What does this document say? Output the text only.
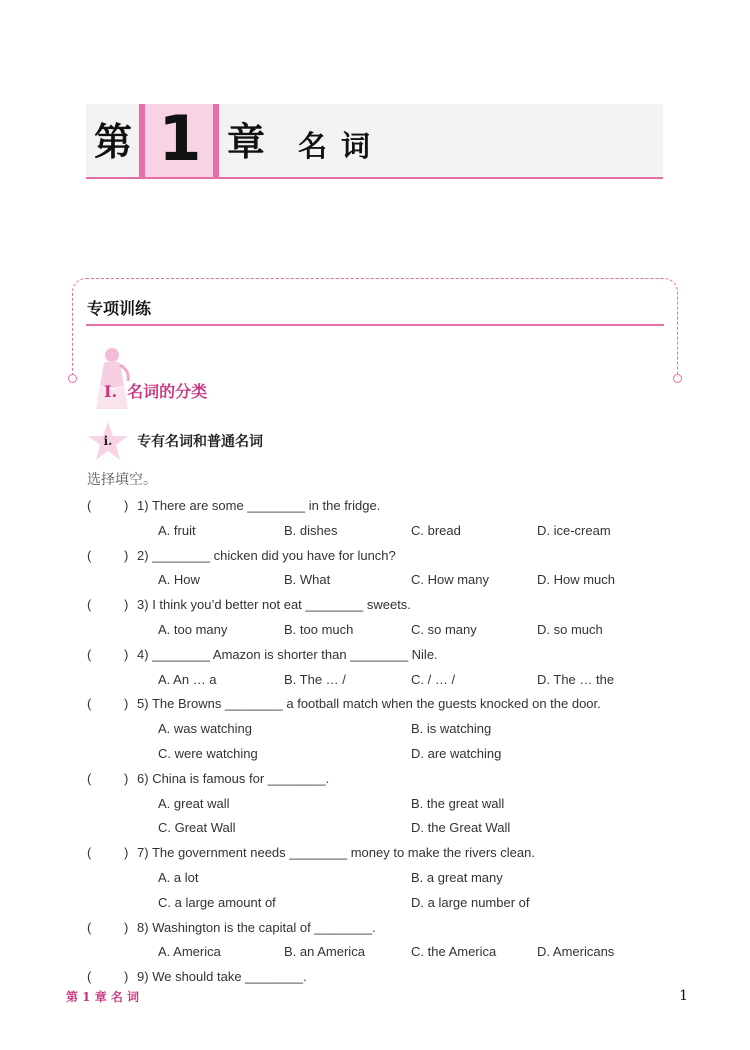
第 1 章 名词
专项训练
I. 名词的分类
i.	专有名词和普通名词
选择填空。
(	) 1) There are some ________ in the fridge.
A. fruit	B. dishes	C. bread	D. ice-cream
(	) 2) ________ chicken did you have for lunch?
A. How	B. What	C. How many	D. How much
(	) 3) I think you’d better not eat ________ sweets.
A. too many	B. too much	C. so many	D. so much
(	) 4) ________ Amazon is shorter than ________ Nile.
A. An … a	B. The … /	C. / … /	D. The … the
(	) 5) The Browns ________ a football match when the guests knocked on the door.
A. was watching	B. is watching
C. were watching	D. are watching
(	) 6) China is famous for ________.
A. great wall	B. the great wall
C. Great Wall	D. the Great Wall
(	) 7) The government needs ________ money to make the rivers clean.
A. a lot	B. a great many
C. a large amount of	D. a large number of
(	) 8) Washington is the capital of ________.
A. America	B. an America	C. the America	D. Americans
(	) 9) We should take ________.
第 1 章 名 词	1
